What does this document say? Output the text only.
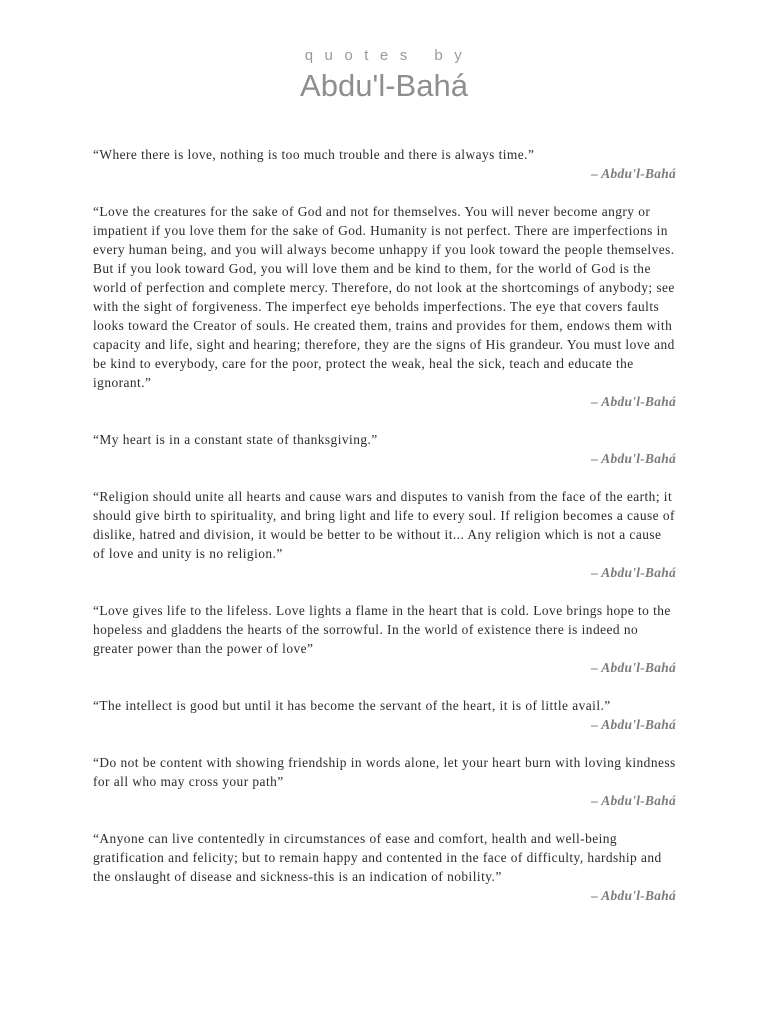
quotes by
Abdu'l-Bahá

“Where there is love, nothing is too much trouble and there is always time.”

– Abdu'l-Bahá

“Love the creatures for the sake of God and not for themselves. You will never become angry or impatient if you love them for the sake of God. Humanity is not perfect. There are imperfections in every human being, and you will always become unhappy if you look toward the people themselves. But if you look toward God, you will love them and be kind to them, for the world of God is the world of perfection and complete mercy. Therefore, do not look at the shortcomings of anybody; see with the sight of forgiveness. The imperfect eye beholds imperfections. The eye that covers faults looks toward the Creator of souls. He created them, trains and provides for them, endows them with capacity and life, sight and hearing; therefore, they are the signs of His grandeur. You must love and be kind to everybody, care for the poor, protect the weak, heal the sick, teach and educate the ignorant.”

– Abdu'l-Bahá

“My heart is in a constant state of thanksgiving.”

– Abdu'l-Bahá

“Religion should unite all hearts and cause wars and disputes to vanish from the face of the earth; it should give birth to spirituality, and bring light and life to every soul. If religion becomes a cause of dislike, hatred and division, it would be better to be without it... Any religion which is not a cause of love and unity is no religion.”

– Abdu'l-Bahá

“Love gives life to the lifeless. Love lights a flame in the heart that is cold. Love brings hope to the hopeless and gladdens the hearts of the sorrowful. In the world of existence there is indeed no greater power than the power of love”

– Abdu'l-Bahá

“The intellect is good but until it has become the servant of the heart, it is of little avail.”

– Abdu'l-Bahá

“Do not be content with showing friendship in words alone, let your heart burn with loving kindness for all who may cross your path”

– Abdu'l-Bahá

“Anyone can live contentedly in circumstances of ease and comfort, health and well-being gratification and felicity; but to remain happy and contented in the face of difficulty, hardship and the onslaught of disease and sickness-this is an indication of nobility.”

– Abdu'l-Bahá
